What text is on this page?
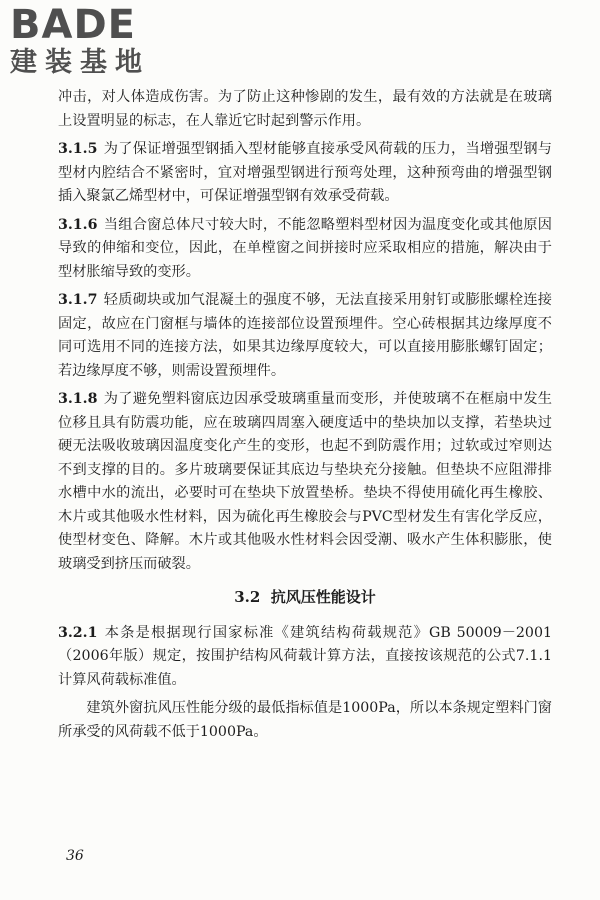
BADE
建装基地

冲击，对人体造成伤害。为了防止这种惨剧的发生，最有效的方法就是在玻璃上设置明显的标志，在人靠近它时起到警示作用。

3.1.5 为了保证增强型钢插入型材能够直接承受风荷载的压力，当增强型钢与型材内腔结合不紧密时，宜对增强型钢进行预弯处理，这种预弯曲的增强型钢插入聚氯乙烯型材中，可保证增强型钢有效承受荷载。

3.1.6 当组合窗总体尺寸较大时，不能忽略塑料型材因为温度变化或其他原因导致的伸缩和变位，因此，在单樘窗之间拼接时应采取相应的措施，解决由于型材胀缩导致的变形。

3.1.7 轻质砌块或加气混凝土的强度不够，无法直接采用射钉或膨胀螺栓连接固定，故应在门窗框与墙体的连接部位设置预埋件。空心砖根据其边缘厚度不同可选用不同的连接方法，如果其边缘厚度较大，可以直接用膨胀螺钉固定；若边缘厚度不够，则需设置预埋件。

3.1.8 为了避免塑料窗底边因承受玻璃重量而变形，并使玻璃不在框扇中发生位移且具有防震功能，应在玻璃四周塞入硬度适中的垫块加以支撑，若垫块过硬无法吸收玻璃因温度变化产生的变形，也起不到防震作用；过软或过窄则达不到支撑的目的。多片玻璃要保证其底边与垫块充分接触。但垫块不应阻滞排水槽中水的流出，必要时可在垫块下放置垫桥。垫块不得使用硫化再生橡胶、木片或其他吸水性材料，因为硫化再生橡胶会与PVC型材发生有害化学反应，使型材变色、降解。木片或其他吸水性材料会因受潮、吸水产生体积膨胀，使玻璃受到挤压而破裂。

3.2 抗风压性能设计

3.2.1 本条是根据现行国家标准《建筑结构荷载规范》GB 50009－2001（2006年版）规定，按围护结构风荷载计算方法，直接按该规范的公式7.1.1计算风荷载标准值。

建筑外窗抗风压性能分级的最低指标值是1000Pa，所以本条规定塑料门窗所承受的风荷载不低于1000Pa。

36
